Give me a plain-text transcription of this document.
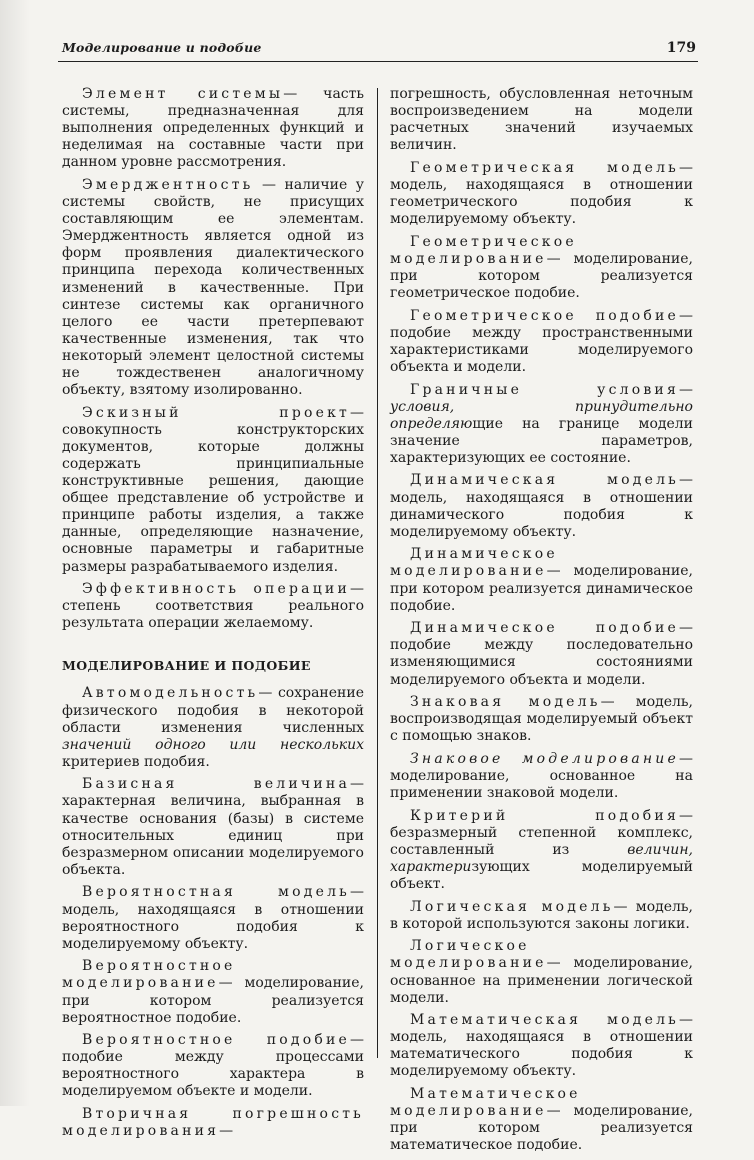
Моделирование и подобие	179

Элемент системы— часть системы, предназначенная для выполнения определенных функций и неделимая на составные части при данном уровне рассмотрения.

Эмерджентность — наличие у системы свойств, не присущих составляющим ее элементам. Эмерджентность является одной из форм проявления диалектического принципа перехода количественных изменений в качественные. При синтезе системы как органичного целого ее части претерпевают качественные изменения, так что некоторый элемент целостной системы не тождественен аналогичному объекту, взятому изолированно.

Эскизный проект— совокупность конструкторских документов, которые должны содержать принципиальные конструктивные решения, дающие общее представление об устройстве и принципе работы изделия, а также данные, определяющие назначение, основные параметры и габаритные размеры разрабатываемого изделия.

Эффективность операции— степень соответствия реального результата операции желаемому.

МОДЕЛИРОВАНИЕ И ПОДОБИЕ

Автомодельность— сохранение физического подобия в некоторой области изменения численных значений одного или нескольких критериев подобия.

Базисная величина— характерная величина, выбранная в качестве основания (базы) в системе относительных единиц при безразмерном описании моделируемого объекта.

Вероятностная модель— модель, находящаяся в отношении вероятностного подобия к моделируемому объекту.

Вероятностное моделирование— моделирование, при котором реализуется вероятностное подобие.

Вероятностное подобие— подобие между процессами вероятностного характера в моделируемом объекте и модели.

Вторичная погрешность моделирования—

погрешность, обусловленная неточным воспроизведением на модели расчетных значений изучаемых величин.

Геометрическая модель— модель, находящаяся в отношении геометрического подобия к моделируемому объекту.

Геометрическое моделирование— моделирование, при котором реализуется геометрическое подобие.

Геометрическое подобие— подобие между пространственными характеристиками моделируемого объекта и модели.

Граничные условия— условия, принудительно определяющие на границе модели значение параметров, характеризующих ее состояние.

Динамическая модель— модель, находящаяся в отношении динамического подобия к моделируемому объекту.

Динамическое моделирование— моделирование, при котором реализуется динамическое подобие.

Динамическое подобие— подобие между последовательно изменяющимися состояниями моделируемого объекта и модели.

Знаковая модель— модель, воспроизводящая моделируемый объект с помощью знаков.

Знаковое моделирование— моделирование, основанное на применении знаковой модели.

Критерий подобия— безразмерный степенной комплекс, составленный из величин, характеризующих моделируемый объект.

Логическая модель— модель, в которой используются законы логики.

Логическое моделирование— моделирование, основанное на применении логической модели.

Математическая модель— модель, находящаяся в отношении математического подобия к моделируемому объекту.

Математическое моделирование— моделирование, при котором реализуется математическое подобие.
